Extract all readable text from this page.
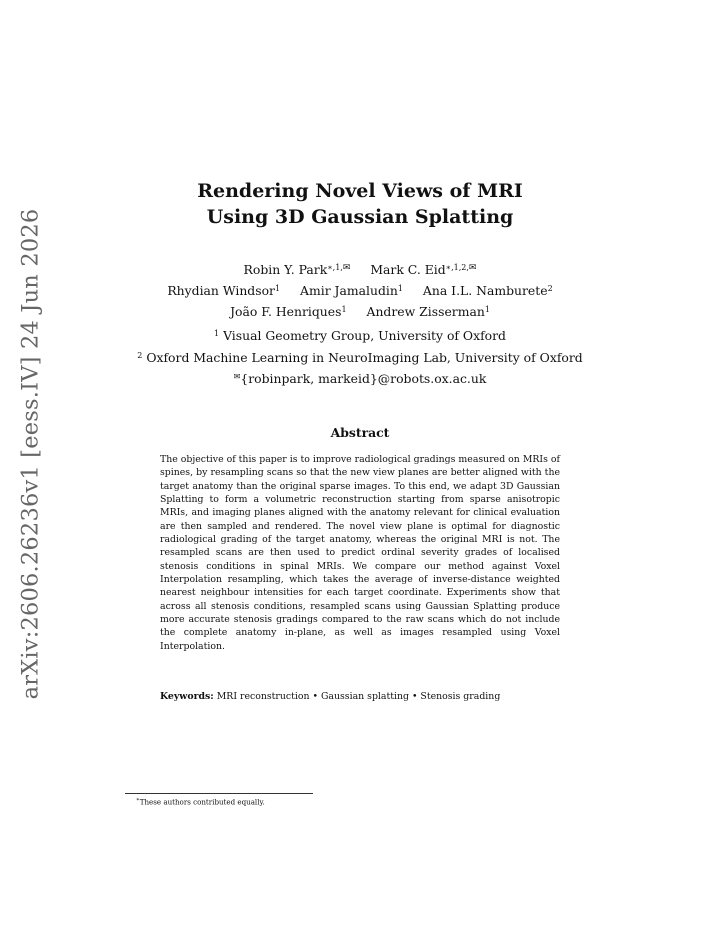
arXiv:2606.26236v1 [eess.IV] 24 Jun 2026
Rendering Novel Views of MRI
Using 3D Gaussian Splatting
Robin Y. Park$^{∗,1,✉}$ Mark C. Eid$^{∗,1,2,✉}$
Rhydian Windsor$^1$ Amir Jamaludin$^1$ Ana I.L. Namburete$^2$
João F. Henriques$^1$ Andrew Zisserman$^1$
$^1$ Visual Geometry Group, University of Oxford
$^2$ Oxford Machine Learning in NeuroImaging Lab, University of Oxford
✉{robinpark, markeid}@robots.ox.ac.uk
Abstract
The objective of this paper is to improve radiological gradings measured on MRIs of spines, by resampling scans so that the new view planes are better aligned with the target anatomy than the original sparse images. To this end, we adapt 3D Gaussian Splatting to form a volumetric reconstruction starting from sparse anisotropic MRIs, and imaging planes aligned with the anatomy relevant for clinical evaluation are then sampled and rendered. The novel view plane is optimal for diagnostic radiological grading of the target anatomy, whereas the original MRI is not. The resampled scans are then used to predict ordinal severity grades of localised stenosis conditions in spinal MRIs. We compare our method against Voxel Interpolation resampling, which takes the average of inverse-distance weighted nearest neighbour intensities for each target coordinate. Experiments show that across all stenosis conditions, resampled scans using Gaussian Splatting produce more accurate stenosis gradings compared to the raw scans which do not include the complete anatomy in-plane, as well as images resampled using Voxel Interpolation.
Keywords: MRI reconstruction • Gaussian splatting • Stenosis grading
∗These authors contributed equally.
